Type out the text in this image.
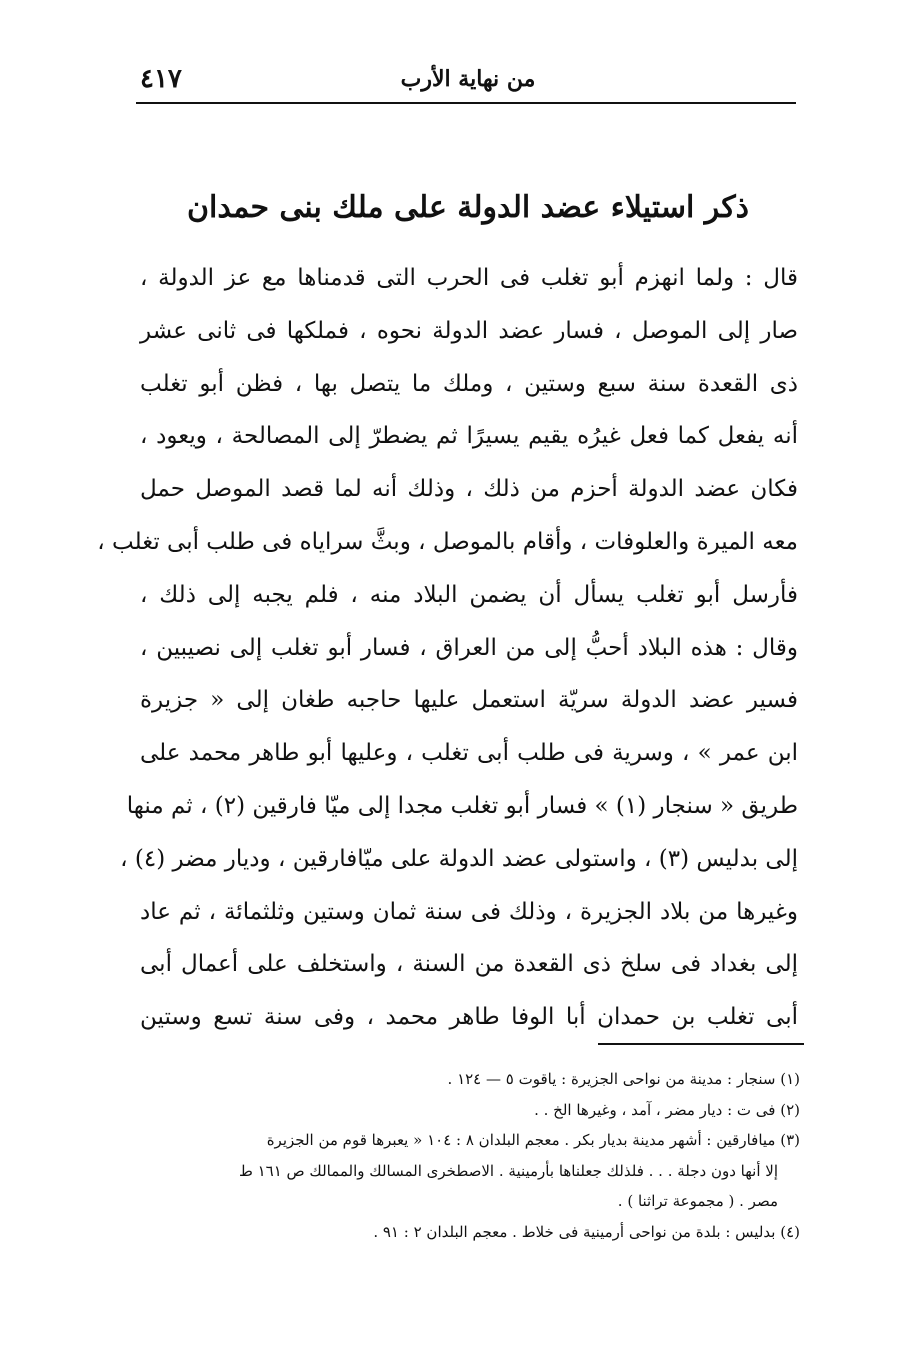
من نهاية الأرب
٤١٧
ذكر استيلاء عضد الدولة على ملك بنى حمدان
قال : ولما انهزم أبو تغلب فى الحرب التى قدمناها مع عز الدولة ،
صار إلى الموصل ، فسار عضد الدولة نحوه ، فملكها فى ثانى عشر
ذى القعدة سنة سبع وستين ، وملك ما يتصل بها ، فظن أبو تغلب
أنه يفعل كما فعل غيرُه يقيم يسيرًا ثم يضطرّ إلى المصالحة ، ويعود ،
فكان عضد الدولة أحزم من ذلك ، وذلك أنه لما قصد الموصل حمل
معه الميرة والعلوفات ، وأقام بالموصل ، وبثَّ سراياه فى طلب أبى تغلب ،
فأرسل أبو تغلب يسأل أن يضمن البلاد منه ، فلم يجبه إلى ذلك ،
وقال : هذه البلاد أحبُّ إلى من العراق ، فسار أبو تغلب إلى نصيبين ،
فسير عضد الدولة سريّة استعمل عليها حاجبه طغان إلى « جزيرة
ابن عمر » ، وسرية فى طلب أبى تغلب ، وعليها أبو طاهر محمد على
طريق « سنجار (١) » فسار أبو تغلب مجدا إلى ميّا فارقين (٢) ، ثم منها
إلى بدليس (٣) ، واستولى عضد الدولة على ميّافارقين ، وديار مضر (٤) ،
وغيرها من بلاد الجزيرة ، وذلك فى سنة ثمان وستين وثلثمائة ، ثم عاد
إلى بغداد فى سلخ ذى القعدة من السنة ، واستخلف على أعمال أبى
أبى تغلب بن حمدان أبا الوفا طاهر محمد ، وفى سنة تسع وستين
(١) سنجار : مدينة من نواحى الجزيرة : ياقوت ٥ — ١٢٤ .
(٢) فى ت : ديار مضر ، آمد ، وغيرها الخ . .
(٣) ميافارقين : أشهر مدينة بديار بكر . معجم البلدان ٨ : ١٠٤ « يعبرها قوم من الجزيرة
إلا أنها دون دجلة . . . فلذلك جعلناها بأرمينية . الاصطخرى المسالك والممالك ص ١٦١ ط
مصر . ( مجموعة تراثنا ) .
(٤) بدليس : بلدة من نواحى أرمينية فى خلاط . معجم البلدان ٢ : ٩١ .
